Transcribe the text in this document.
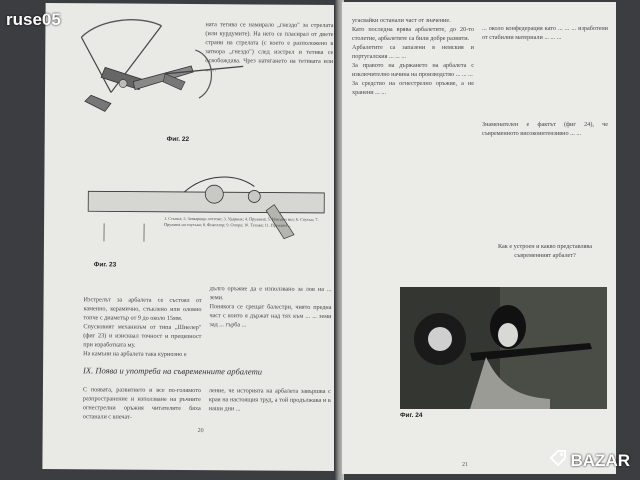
Фиг. 22
ната тетива се намирало „гнездо" за стрелата (или курдумите). На него се пласирал от двете страни на стрелата (с което е разположено в затвора „гнездо") след изстрел и тетива се освобождава. Чрез натягането на тетивата или ... ...
1. Стъпка; 2. Затварящи лостове; 3. Ударник; 4. Пружина; 5. Изходен вал; 6. Спусък; 7. Пружина на спусъка; 8. Фиксатор; 9. Опора; 10. Тетива; 11. Пружина ...
Фиг. 23
Изстрелът за арбалета се състоял от каменно, керамично, стъклено или оловно топче с диаметър от 9 до около 15мм.
Спусковият механизъм от типа „Шнелер" (фиг 23) и изисквал точност и прецизност при изработката му.
На камъни на арбалета така куриозно е
дълго оръжие да е използвано за лов на ... земи.
Понякога се срещат балестри, чиято предна част с които я държат над тях към ... ... земи зад ... гърба ...
IX. Поява и употреба на съвременните арбалети
С появата, развитието и все по-голямото разпространение и използване на ръчните огнестрелни оръжия читателите бяха останали с впечат-
ление, че историята на арбалета завършва с края на настоящия труд, а той продължава и в наши дни ...
20
угасвайки останали част от значение.
Като последна врява арбалетите, до 20-то столетие, арбалетите са били добре развити.
Арбалетите са запазени в немския и португалския ... ... ...
За правото на държането на арбалета с изключително начина на производство ... ... ...
За средство на огнестрелно оръжие, а не хранени ... ...
... около конфедерация като ... ... ... изработени от стабилни материали ... ... ...
Знаменателен е фактът (фиг 24), че съвременното високоинтензивно ... ...
Как е устроен и какво представлява съвременният арбалет?
Фиг. 24
21
ruse05
BAZAR
